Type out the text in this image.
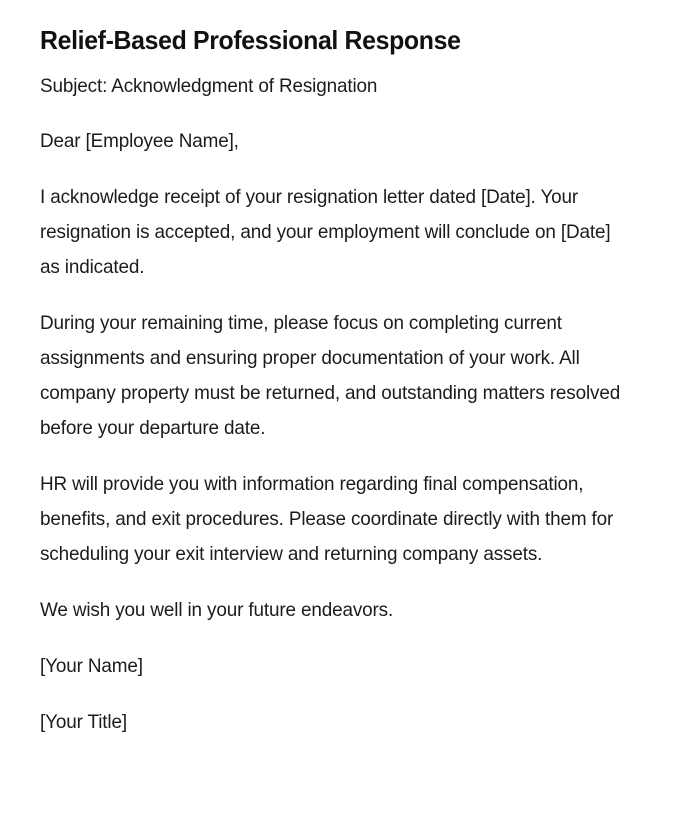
Relief-Based Professional Response

Subject: Acknowledgment of Resignation

Dear [Employee Name],

I acknowledge receipt of your resignation letter dated [Date]. Your resignation is accepted, and your employment will conclude on [Date] as indicated.

During your remaining time, please focus on completing current assignments and ensuring proper documentation of your work. All company property must be returned, and outstanding matters resolved before your departure date.

HR will provide you with information regarding final compensation, benefits, and exit procedures. Please coordinate directly with them for scheduling your exit interview and returning company assets.

We wish you well in your future endeavors.

[Your Name]

[Your Title]
